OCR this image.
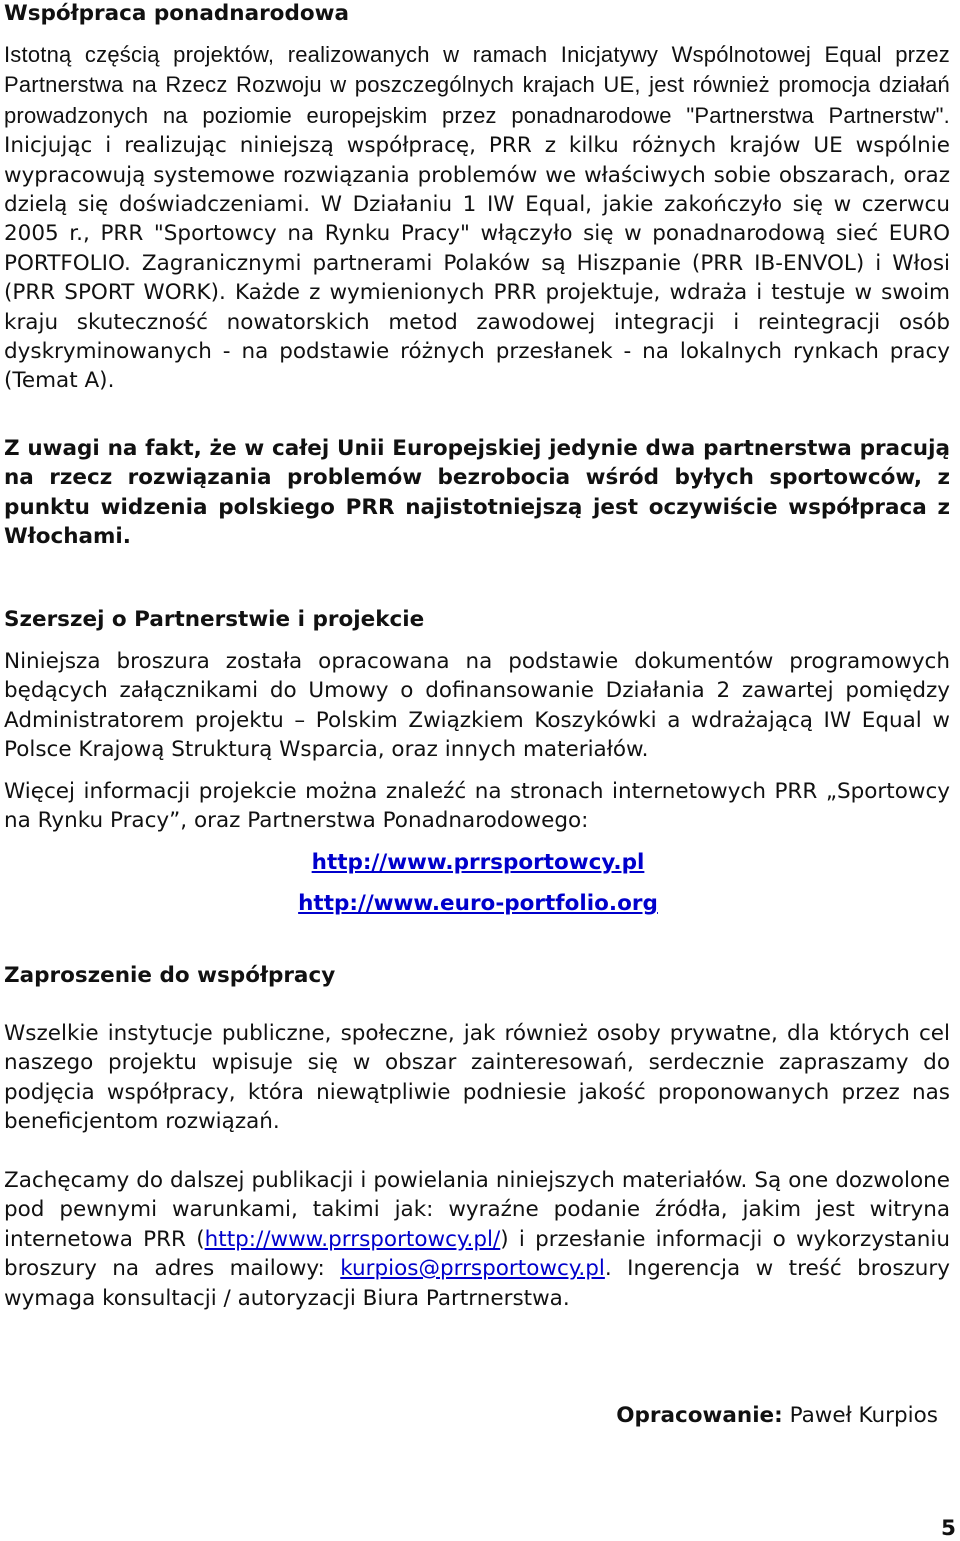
Współpraca ponadnarodowa

Istotną częścią projektów, realizowanych w ramach Inicjatywy Wspólnotowej Equal przez Partnerstwa na Rzecz Rozwoju w poszczególnych krajach UE, jest również promocja działań prowadzonych na poziomie europejskim przez ponadnarodowe "Partnerstwa Partnerstw". Inicjując i realizując niniejszą współpracę, PRR z kilku różnych krajów UE wspólnie wypracowują systemowe rozwiązania problemów we właściwych sobie obszarach, oraz dzielą się doświadczeniami. W Działaniu 1 IW Equal, jakie zakończyło się w czerwcu 2005 r., PRR "Sportowcy na Rynku Pracy" włączyło się w ponadnarodową sieć EURO PORTFOLIO. Zagranicznymi partnerami Polaków są Hiszpanie (PRR IB-ENVOL) i Włosi (PRR SPORT WORK). Każde z wymienionych PRR projektuje, wdraża i testuje w swoim kraju skuteczność nowatorskich metod zawodowej integracji i reintegracji osób dyskryminowanych - na podstawie różnych przesłanek - na lokalnych rynkach pracy (Temat A).

Z uwagi na fakt, że w całej Unii Europejskiej jedynie dwa partnerstwa pracują na rzecz rozwiązania problemów bezrobocia wśród byłych sportowców, z punktu widzenia polskiego PRR najistotniejszą jest oczywiście współpraca z Włochami.

Szerszej o Partnerstwie i projekcie

Niniejsza broszura została opracowana na podstawie dokumentów programowych będących załącznikami do Umowy o dofinansowanie Działania 2 zawartej pomiędzy Administratorem projektu – Polskim Związkiem Koszykówki a wdrażającą IW Equal w Polsce Krajową Strukturą Wsparcia, oraz innych materiałów.

Więcej informacji projekcie można znaleźć na stronach internetowych PRR „Sportowcy na Rynku Pracy”, oraz Partnerstwa Ponadnarodowego:

http://www.prrsportowcy.pl
http://www.euro-portfolio.org
Zaproszenie do współpracy

Wszelkie instytucje publiczne, społeczne, jak również osoby prywatne, dla których cel naszego projektu wpisuje się w obszar zainteresowań, serdecznie zapraszamy do podjęcia współpracy, która niewątpliwie podniesie jakość proponowanych przez nas beneficjentom rozwiązań.

Zachęcamy do dalszej publikacji i powielania niniejszych materiałów. Są one dozwolone pod pewnymi warunkami, takimi jak: wyraźne podanie źródła, jakim jest witryna internetowa PRR (http://www.prrsportowcy.pl/) i przesłanie informacji o wykorzystaniu broszury na adres mailowy: kurpios@prrsportowcy.pl. Ingerencja w treść broszury wymaga konsultacji / autoryzacji Biura Partrnerstwa.

Opracowanie: Paweł Kurpios
5
